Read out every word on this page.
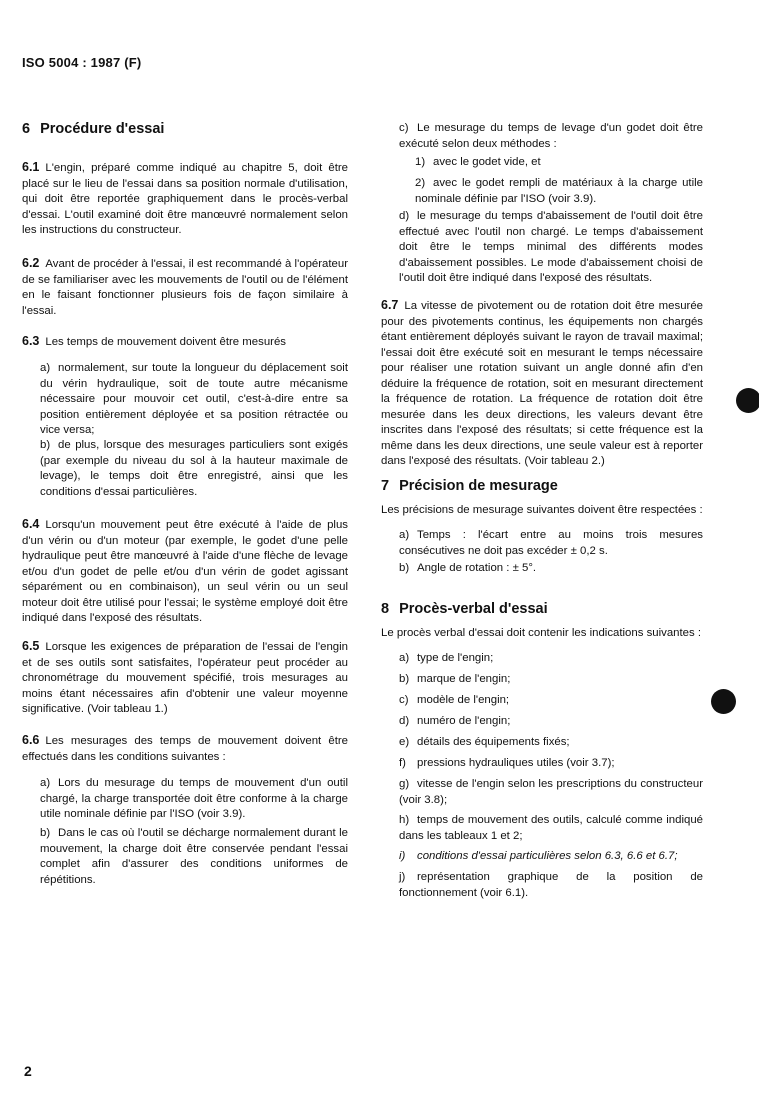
ISO 5004 : 1987 (F)
6 Procédure d'essai

6.1 L'engin, préparé comme indiqué au chapitre 5, doit être placé sur le lieu de l'essai dans sa position normale d'utilisation, qui doit être reportée graphiquement dans le procès-verbal d'essai. L'outil examiné doit être manœuvré normalement selon les instructions du constructeur.

6.2 Avant de procéder à l'essai, il est recommandé à l'opérateur de se familiariser avec les mouvements de l'outil ou de l'élément en le faisant fonctionner plusieurs fois de façon similaire à l'essai.

6.3 Les temps de mouvement doivent être mesurés

a) normalement, sur toute la longueur du déplacement soit du vérin hydraulique, soit de toute autre mécanisme nécessaire pour mouvoir cet outil, c'est-à-dire entre sa position entièrement déployée et sa position rétractée ou vice versa;

b) de plus, lorsque des mesurages particuliers sont exigés (par exemple du niveau du sol à la hauteur maximale de levage), le temps doit être enregistré, ainsi que les conditions d'essai particulières.

6.4 Lorsqu'un mouvement peut être exécuté à l'aide de plus d'un vérin ou d'un moteur (par exemple, le godet d'une pelle hydraulique peut être manœuvré à l'aide d'une flèche de levage et/ou d'un godet de pelle et/ou d'un vérin de godet agissant séparément ou en combinaison), un seul vérin ou un seul moteur doit être utilisé pour l'essai; le système employé doit être indiqué dans l'exposé des résultats.

6.5 Lorsque les exigences de préparation de l'essai de l'engin et de ses outils sont satisfaites, l'opérateur peut procéder au chronométrage du mouvement spécifié, trois mesurages au moins étant nécessaires afin d'obtenir une valeur moyenne significative. (Voir tableau 1.)

6.6 Les mesurages des temps de mouvement doivent être effectués dans les conditions suivantes :

a) Lors du mesurage du temps de mouvement d'un outil chargé, la charge transportée doit être conforme à la charge utile nominale définie par l'ISO (voir 3.9).

b) Dans le cas où l'outil se décharge normalement durant le mouvement, la charge doit être conservée pendant l'essai complet afin d'assurer des conditions uniformes de répétitions.

c) Le mesurage du temps de levage d'un godet doit être exécuté selon deux méthodes :

1) avec le godet vide, et

2) avec le godet rempli de matériaux à la charge utile nominale définie par l'ISO (voir 3.9).

d) le mesurage du temps d'abaissement de l'outil doit être effectué avec l'outil non chargé. Le temps d'abaissement doit être le temps minimal des différents modes d'abaissement possibles. Le mode d'abaissement choisi de l'outil doit être indiqué dans l'exposé des résultats.

6.7 La vitesse de pivotement ou de rotation doit être mesurée pour des pivotements continus, les équipements non chargés étant entièrement déployés suivant le rayon de travail maximal; l'essai doit être exécuté soit en mesurant le temps nécessaire pour réaliser une rotation suivant un angle donné afin d'en déduire la fréquence de rotation, soit en mesurant directement la fréquence de rotation. La fréquence de rotation doit être mesurée dans les deux directions, les valeurs devant être inscrites dans l'exposé des résultats; si cette fréquence est la même dans les deux directions, une seule valeur est à reporter dans l'exposé des résultats. (Voir tableau 2.)

7 Précision de mesurage

Les précisions de mesurage suivantes doivent être respectées :

a) Temps : l'écart entre au moins trois mesures consécutives ne doit pas excéder ± 0,2 s.

b) Angle de rotation : ± 5°.

8 Procès-verbal d'essai

Le procès verbal d'essai doit contenir les indications suivantes :

a) type de l'engin;

b) marque de l'engin;

c) modèle de l'engin;

d) numéro de l'engin;

e) détails des équipements fixés;

f) pressions hydrauliques utiles (voir 3.7);

g) vitesse de l'engin selon les prescriptions du constructeur (voir 3.8);

h) temps de mouvement des outils, calculé comme indiqué dans les tableaux 1 et 2;

i) conditions d'essai particulières selon 6.3, 6.6 et 6.7;

j) représentation graphique de la position de fonctionnement (voir 6.1).

2
